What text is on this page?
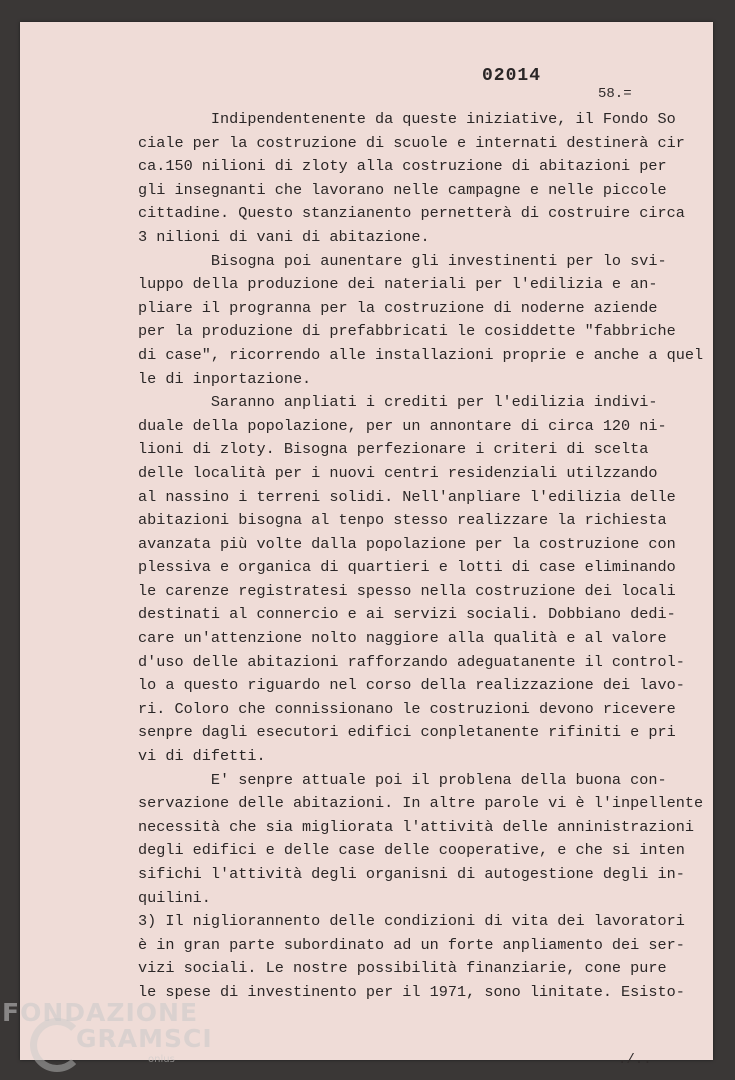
02014
58.=
Indipendentenente da queste iniziative, il Fondo So
ciale per la costruzione di scuole e internati destinerà cir
ca.150 nilioni di zloty alla costruzione di abitazioni per
gli insegnanti che lavorano nelle campagne e nelle piccole
cittadine. Questo stanzianento pernetterà di costruire circa
3 nilioni di vani di abitazione.
Bisogna poi aunentare gli investinenti per lo svi-
luppo della produzione dei nateriali per l'edilizia e an-
pliare il progranna per la costruzione di noderne aziende
per la produzione di prefabbricati le cosiddette "fabbriche
di case", ricorrendo alle installazioni proprie e anche a quel
le di inportazione.
Saranno anpliati i crediti per l'edilizia indivi-
duale della popolazione, per un annontare di circa 120 ni-
lioni di zloty. Bisogna perfezionare i criteri di scelta
delle località per i nuovi centri residenziali utilzzando
al nassino i terreni solidi. Nell'anpliare l'edilizia delle
abitazioni bisogna al tenpo stesso realizzare la richiesta
avanzata più volte dalla popolazione per la costruzione con
plessiva e organica di quartieri e lotti di case eliminando
le carenze registratesi spesso nella costruzione dei locali
destinati al connercio e ai servizi sociali. Dobbiano dedi-
care un'attenzione nolto naggiore alla qualità e al valore
d'uso delle abitazioni rafforzando adeguatanente il control-
lo a questo riguardo nel corso della realizzazione dei lavo-
ri. Coloro che connissionano le costruzioni devono ricevere
senpre dagli esecutori edifici conpletanente rifiniti e pri
vi di difetti.
E' senpre attuale poi il problena della buona con-
servazione delle abitazioni. In altre parole vi è l'inpellente
necessità che sia migliorata l'attività delle anninistrazioni
degli edifici e delle case delle cooperative, e che si inten
sifichi l'attività degli organisni di autogestione degli in-
quilini.
3) Il nigliorannento delle condizioni di vita dei lavoratori
è in gran parte subordinato ad un forte anpliamento dei ser-
vizi sociali. Le nostre possibilità finanziarie, cone pure
le spese di investinento per il 1971, sono linitate. Esisto-
./..
FONDAZIONE
GRAMSCI
onlus
